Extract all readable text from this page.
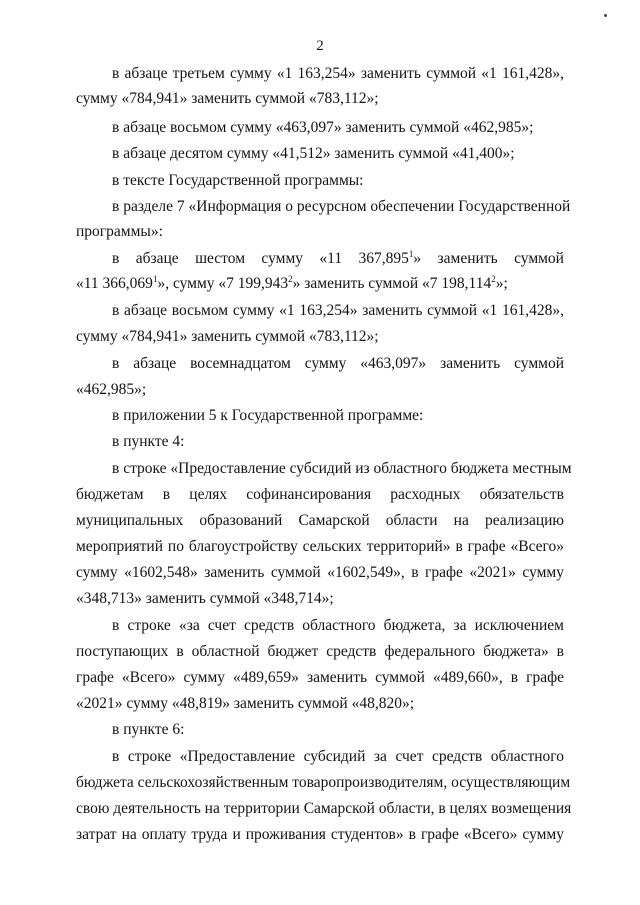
2
в абзаце третьем сумму «1 163,254» заменить суммой «1 161,428»,
сумму «784,941» заменить суммой «783,112»;
в абзаце восьмом сумму «463,097» заменить суммой «462,985»;
в абзаце десятом сумму «41,512» заменить суммой «41,400»;
в тексте Государственной программы:
в разделе 7 «Информация о ресурсном обеспечении Государственной
программы»:
в абзаце шестом сумму «11 367,895$^1$» заменить суммой
«11 366,069$^1$», сумму «7 199,943$^2$» заменить суммой «7 198,114$^2$»;
в абзаце восьмом сумму «1 163,254» заменить суммой «1 161,428»,
сумму «784,941» заменить суммой «783,112»;
в абзаце восемнадцатом сумму «463,097» заменить суммой
«462,985»;
в приложении 5 к Государственной программе:
в пункте 4:
в строке «Предоставление субсидий из областного бюджета местным
бюджетам в целях софинансирования расходных обязательств
муниципальных образований Самарской области на реализацию
мероприятий по благоустройству сельских территорий» в графе «Всего»
сумму «1602,548» заменить суммой «1602,549», в графе «2021» сумму
«348,713» заменить суммой «348,714»;
в строке «за счет средств областного бюджета, за исключением
поступающих в областной бюджет средств федерального бюджета» в
графе «Всего» сумму «489,659» заменить суммой «489,660», в графе
«2021» сумму «48,819» заменить суммой «48,820»;
в пункте 6:
в строке «Предоставление субсидий за счет средств областного
бюджета сельскохозяйственным товаропроизводителям, осуществляющим
свою деятельность на территории Самарской области, в целях возмещения
затрат на оплату труда и проживания студентов» в графе «Всего» сумму
